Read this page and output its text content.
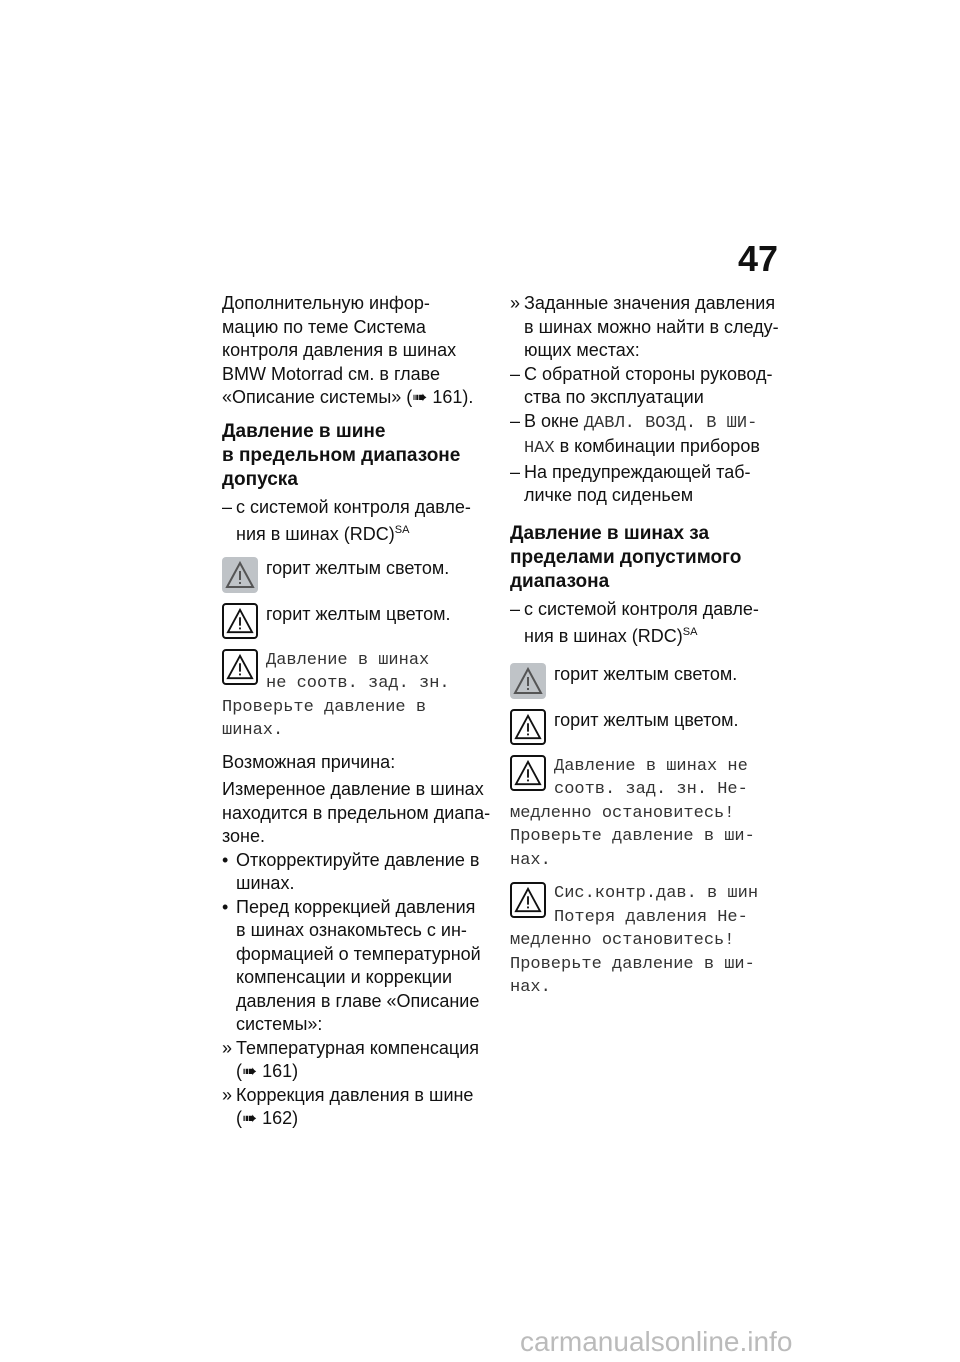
47

Дополнительную инфор-

мацию по теме Система

контроля давления в шинах

BMW Motorrad см. в главе

«Описание системы» (➠ 161).

Давление в шине
в предельном диапазоне
допуска
– с системой контроля давле-
ния в шинах (RDC)$^{SA}$

горит желтым светом.

горит желтым цветом.

Давление в шинах
не соотв. зад. зн.
Проверьте давление в
шинах.

Возможная причина:

Измеренное давление в шинах

находится в предельном диапа-

зоне.

• Откорректируйте давление в
шинах.
• Перед коррекцией давления
в шинах ознакомьтесь с ин-
формацией о температурной
компенсации и коррекции
давления в главе «Описание
системы»:
» Температурная компенсация
(➠ 161)
» Коррекция давления в шине
(➠ 162)
» Заданные значения давления
в шинах можно найти в следу-
ющих местах:
– С обратной стороны руковод-
ства по эксплуатации
– В окне ДАВЛ. ВОЗД. В ШИ-
НАХ в комбинации приборов
– На предупреждающей таб-
личке под сиденьем
Давление в шинах за
пределами допустимого
диапазона
– с системой контроля давле-
ния в шинах (RDC)$^{SA}$

горит желтым светом.

горит желтым цветом.

Давление в шинах не
соотв. зад. зн. Не-
медленно остановитесь!
Проверьте давление в ши-
нах.
Сис.контр.дав. в шин
Потеря давления Не-
медленно остановитесь!
Проверьте давление в ши-
нах.
carmanualsonline.info
